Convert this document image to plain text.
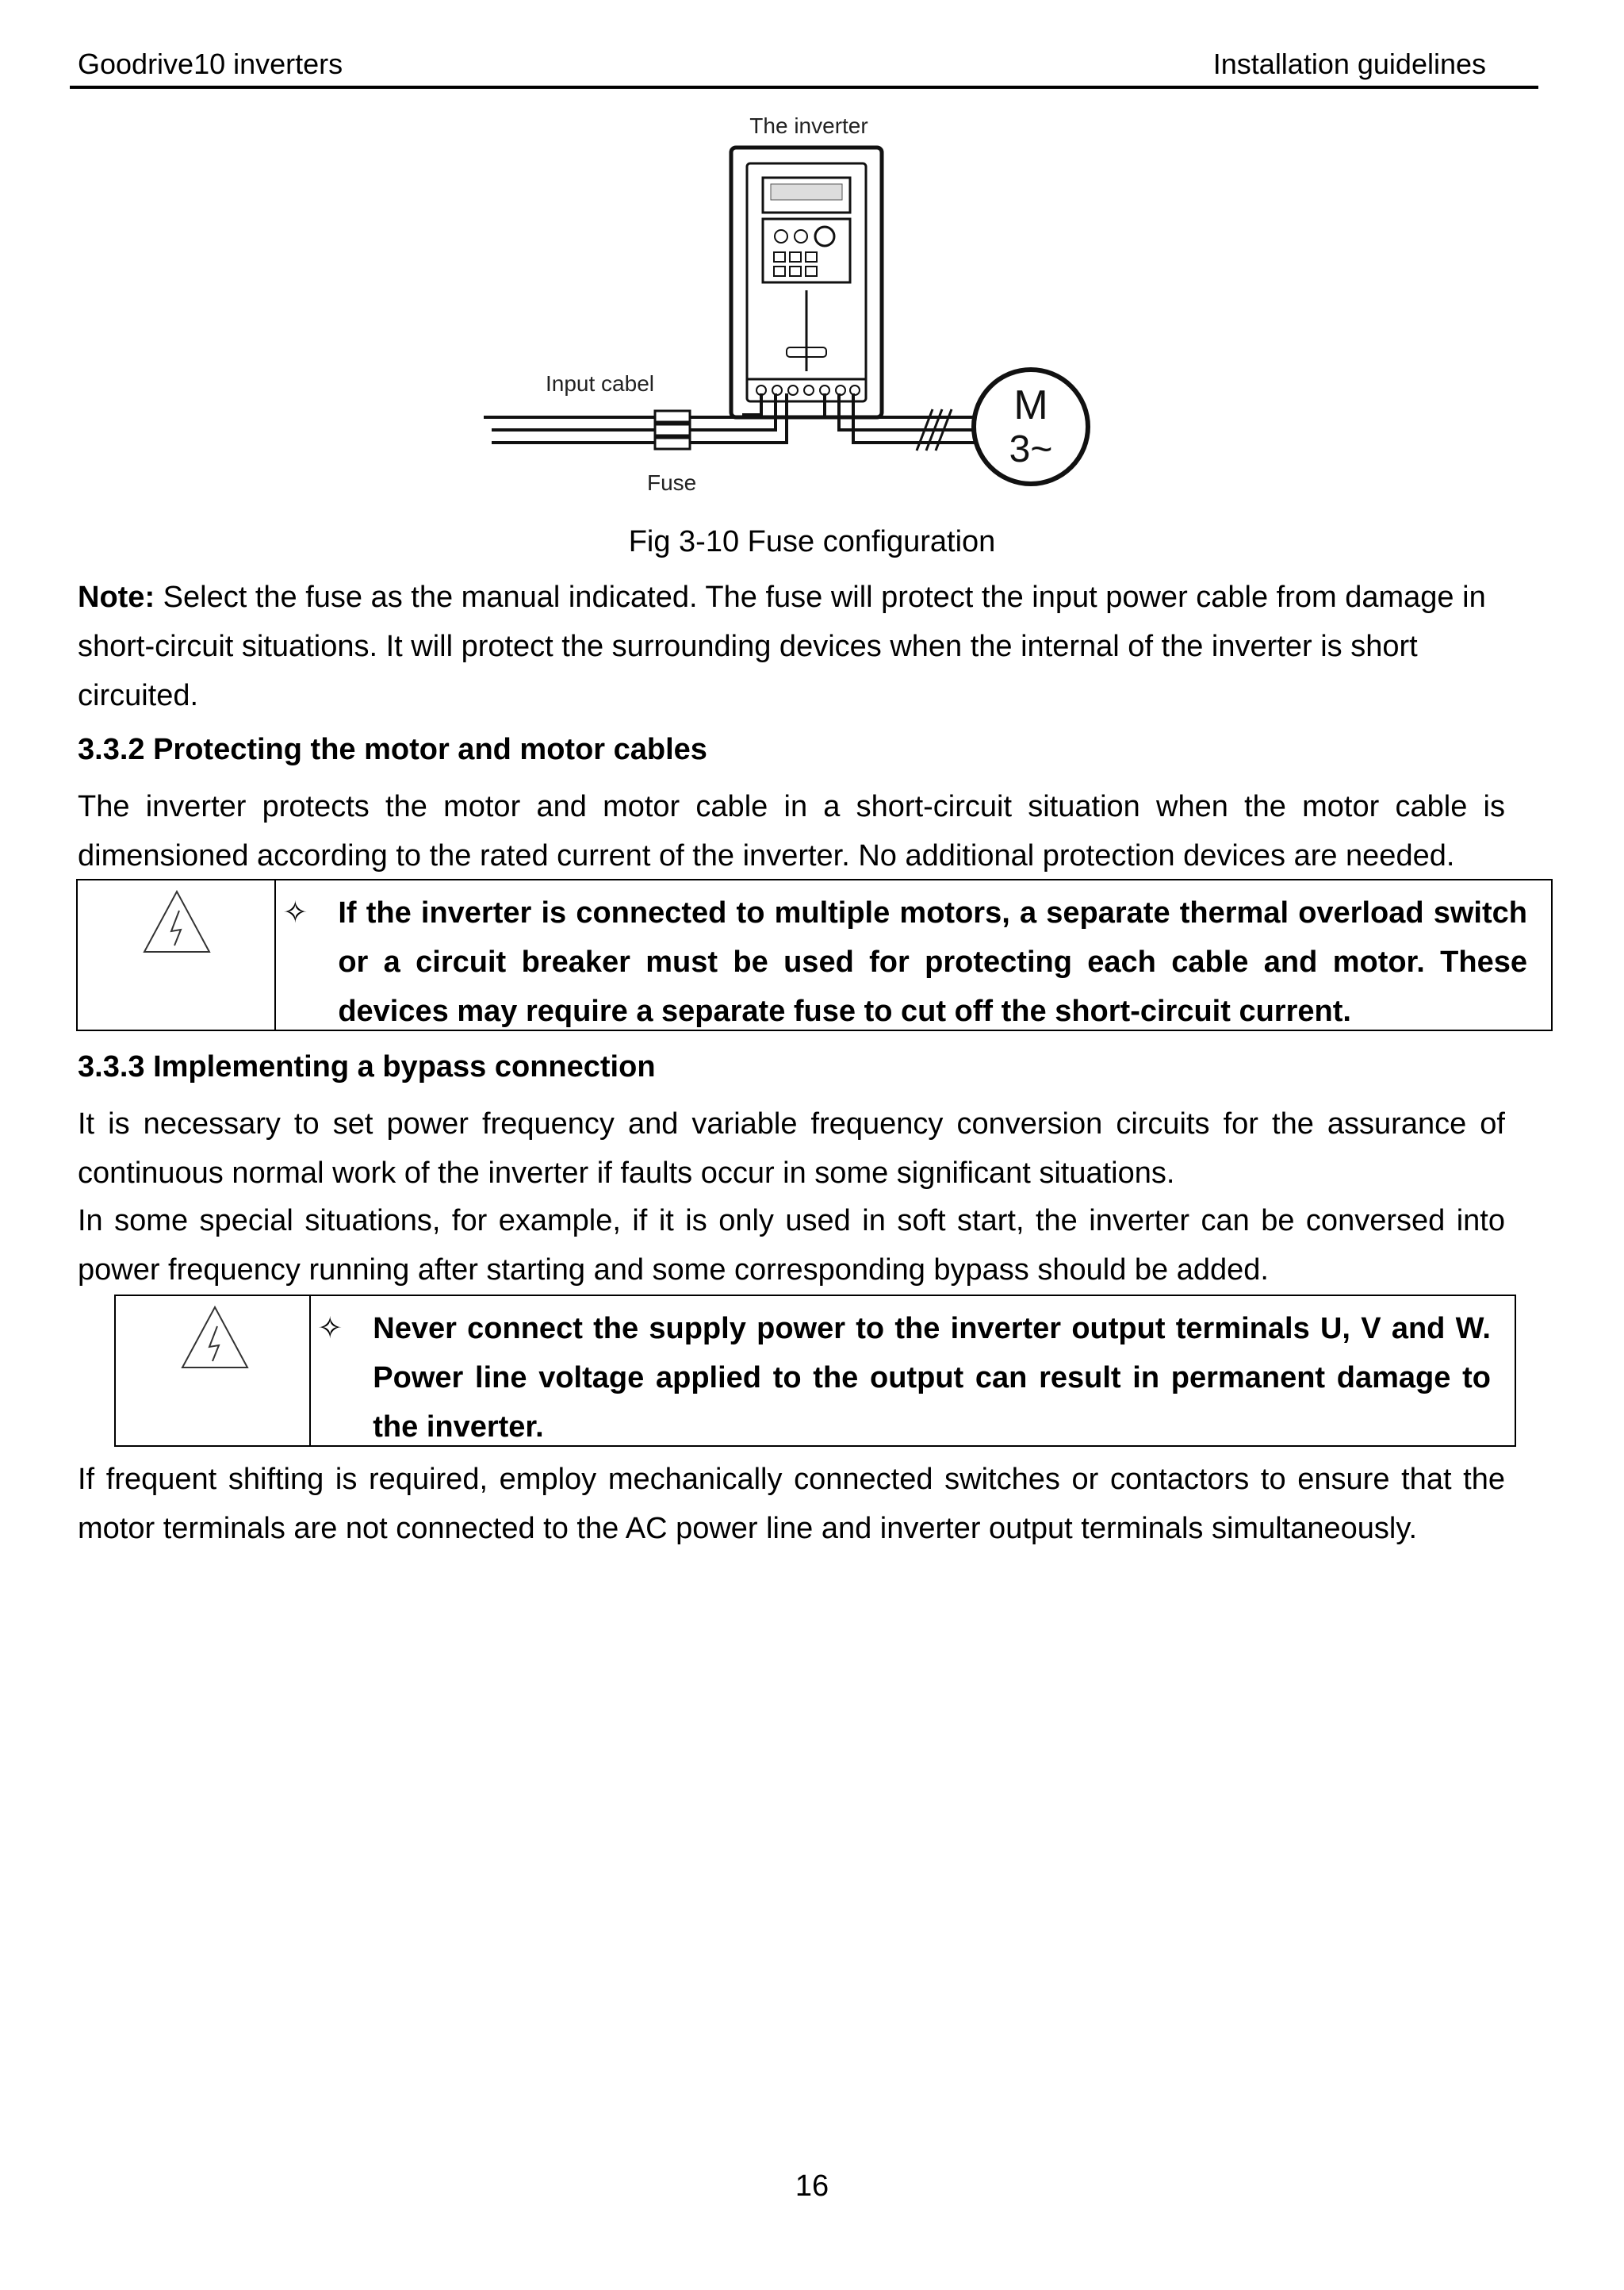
Goodrive10 inverters	Installation guidelines
The inverter
Input cabel
Fuse
M
3~
Fig 3-10 Fuse configuration
Note: Select the fuse as the manual indicated. The fuse will protect the input power cable from damage in short-circuit situations. It will protect the surrounding devices when the internal of the inverter is short circuited.
3.3.2 Protecting the motor and motor cables
The inverter protects the motor and motor cable in a short-circuit situation when the motor cable is dimensioned according to the rated current of the inverter. No additional protection devices are needed.
✧	If the inverter is connected to multiple motors, a separate thermal overload switch or a circuit breaker must be used for protecting each cable and motor. These devices may require a separate fuse to cut off the short-circuit current.
3.3.3 Implementing a bypass connection
It is necessary to set power frequency and variable frequency conversion circuits for the assurance of continuous normal work of the inverter if faults occur in some significant situations.
In some special situations, for example, if it is only used in soft start, the inverter can be conversed into power frequency running after starting and some corresponding bypass should be added.
✧	Never connect the supply power to the inverter output terminals U, V and W. Power line voltage applied to the output can result in permanent damage to the inverter.
If frequent shifting is required, employ mechanically connected switches or contactors to ensure that the motor terminals are not connected to the AC power line and inverter output terminals simultaneously.
16
